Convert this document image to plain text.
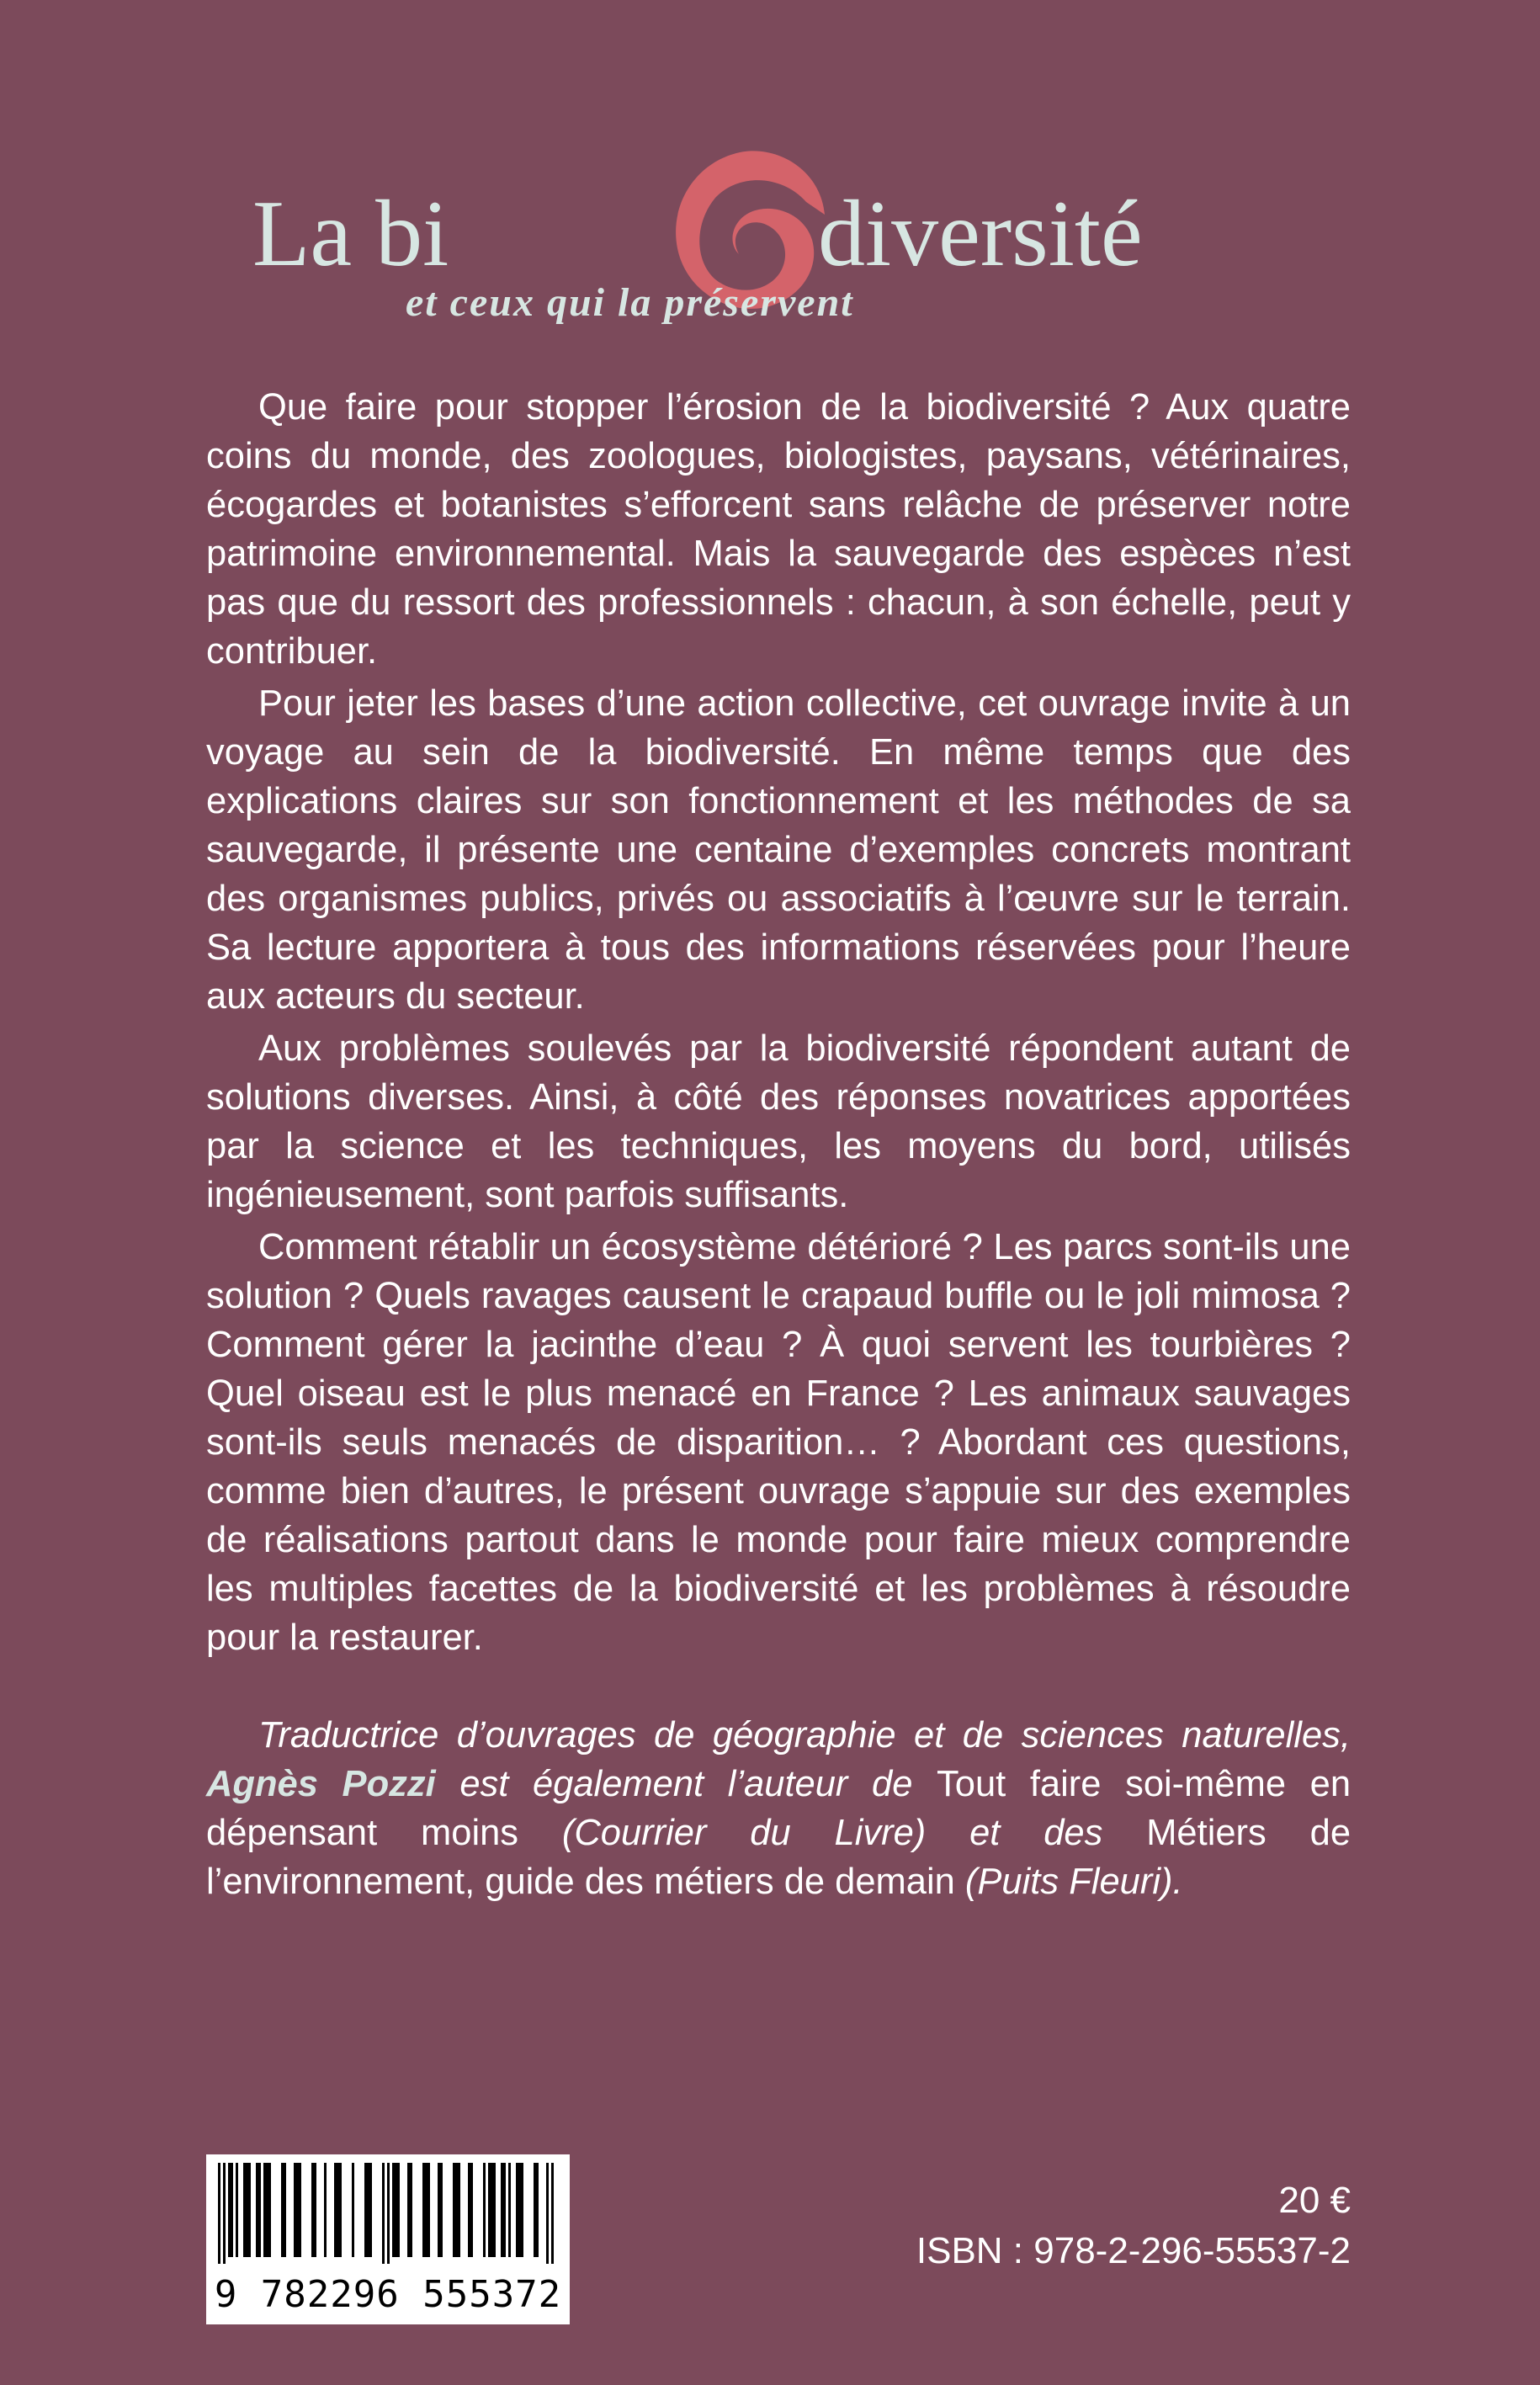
La bi	diversité
et ceux qui la préservent

Que faire pour stopper l’érosion de la biodiversité ? Aux quatre coins du monde, des zoologues, biologistes, paysans, vétérinaires, écogardes et botanistes s’efforcent sans relâche de préserver notre patrimoine environnemental. Mais la sauvegarde des espèces n’est pas que du ressort des professionnels : chacun, à son échelle, peut y contribuer.

Pour jeter les bases d’une action collective, cet ouvrage invite à un voyage au sein de la biodiversité. En même temps que des explications claires sur son fonctionnement et les méthodes de sa sauvegarde, il présente une centaine d’exemples concrets montrant des organismes publics, privés ou associatifs à l’œuvre sur le terrain. Sa lecture apportera à tous des informations réservées pour l’heure aux acteurs du secteur.

Aux problèmes soulevés par la biodiversité répondent autant de solutions diverses. Ainsi, à côté des réponses novatrices apportées par la science et les techniques, les moyens du bord, utilisés ingénieusement, sont parfois suffisants.

Comment rétablir un écosystème détérioré ? Les parcs sont-ils une solution ? Quels ravages causent le crapaud buffle ou le joli mimosa ? Comment gérer la jacinthe d’eau ? À quoi servent les tourbières ? Quel oiseau est le plus menacé en France ? Les animaux sauvages sont-ils seuls menacés de disparition… ? Abordant ces questions, comme bien d’autres, le présent ouvrage s’appuie sur des exemples de réalisations partout dans le monde pour faire mieux comprendre les multiples facettes de la biodiversité et les problèmes à résoudre pour la restaurer.

Traductrice d’ouvrages de géographie et de sciences naturelles, Agnès Pozzi est également l’auteur de Tout faire soi-même en dépensant moins (Courrier du Livre) et des Métiers de l’environnement, guide des métiers de demain (Puits Fleuri).

9 782296 555372
20 €
ISBN : 978-2-296-55537-2
